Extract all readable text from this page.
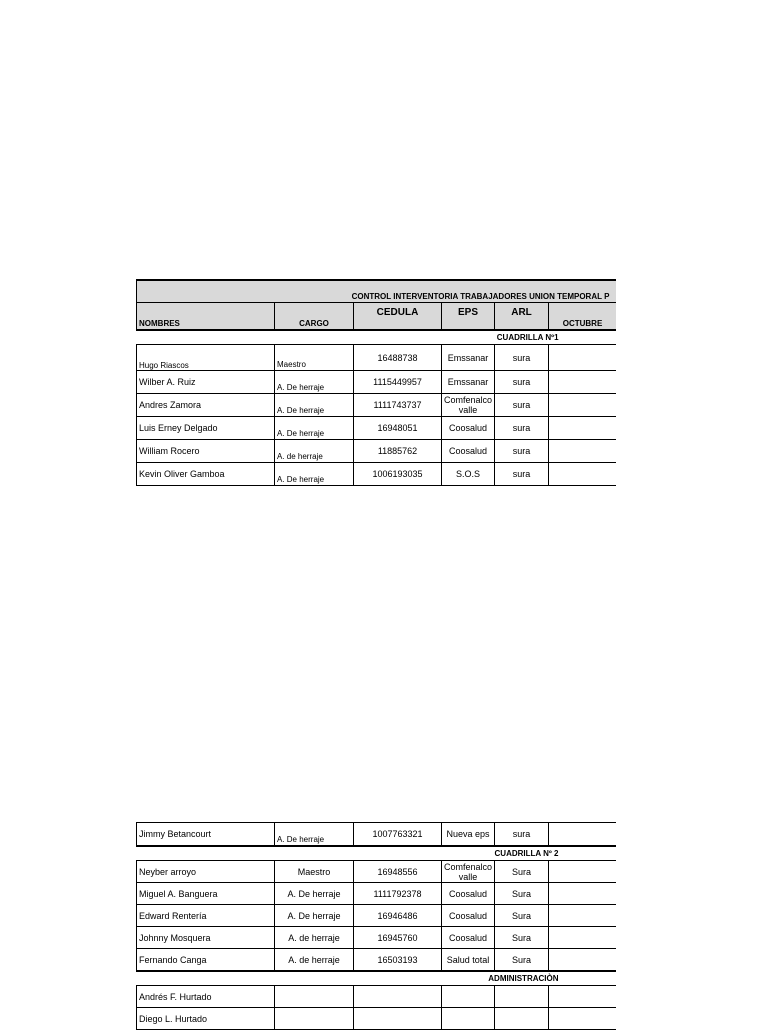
CONTROL INTERVENTORIA TRABAJADORES UNION TEMPORAL P					
NOMBRES	CARGO	CEDULA	EPS	ARL	OCTUBRE
CUADRILLA Nº1					
Hugo Riascos	Maestro	16488738	Emssanar	sura	
Wilber A. Ruiz	A. De herraje	1115449957	Emssanar	sura	
Andres Zamora	A. De herraje	1111743737	Comfenalco valle	sura	
Luis Erney Delgado	A. De herraje	16948051	Coosalud	sura	
William Rocero	A. de herraje	11885762	Coosalud	sura	
Kevin Oliver Gamboa	A. De herraje	1006193035	S.O.S	sura	
Jimmy Betancourt	A. De herraje	1007763321	Nueva eps	sura	
CUADRILLA Nº 2					
Neyber arroyo	Maestro	16948556	Comfenalco valle	Sura	
Miguel A. Banguera	A. De herraje	1111792378	Coosalud	Sura	
Edward Rentería	A. De herraje	16946486	Coosalud	Sura	
Johnny Mosquera	A. de herraje	16945760	Coosalud	Sura	
Fernando Canga	A. de herraje	16503193	Salud total	Sura	
ADMINISTRACIÒN					
Andrés F. Hurtado					
Diego L. Hurtado					
